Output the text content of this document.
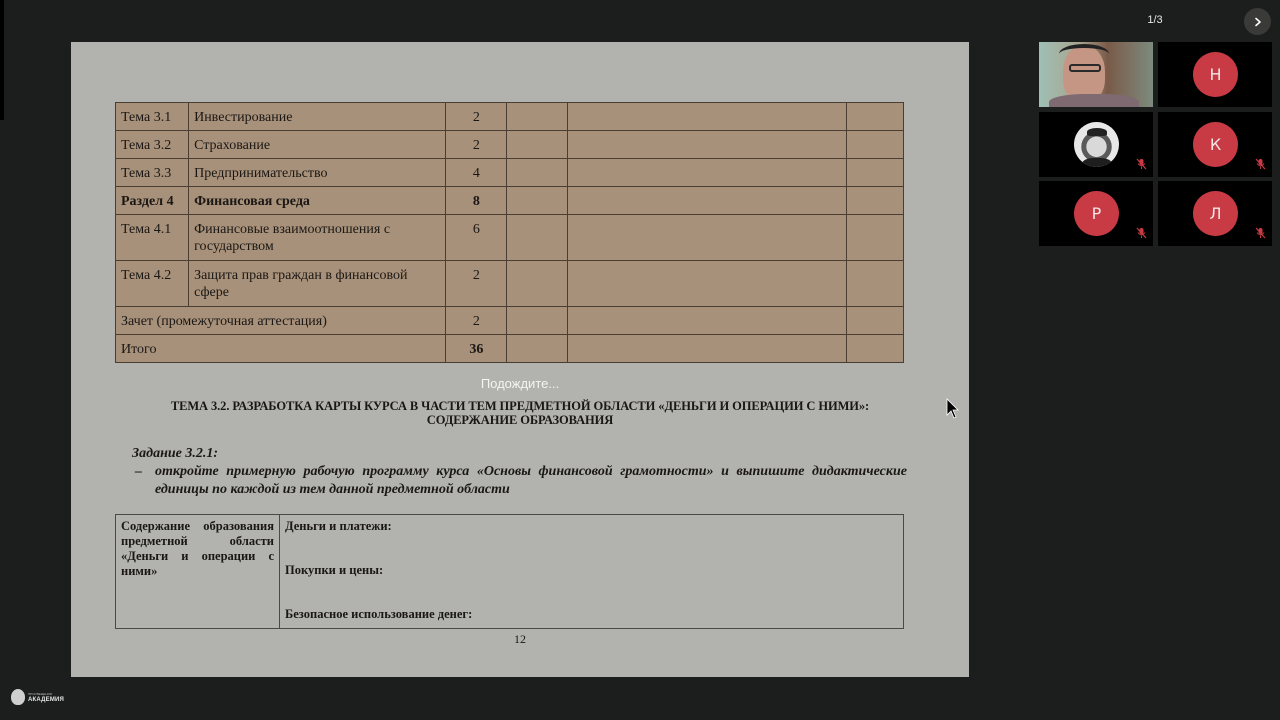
Тема 3.1	Инвестирование	2			
Тема 3.2	Страхование	2			
Тема 3.3	Предпринимательство	4			
Раздел 4	Финансовая среда	8			
Тема 4.1	Финансовые взаимоотношения с государством	6			
Тема 4.2	Защита прав граждан в финансовой сфере	2			
Зачет (промежуточная аттестация)		2			
Итого		36			
Подождите...
ТЕМА 3.2. РАЗРАБОТКА КАРТЫ КУРСА В ЧАСТИ ТЕМ ПРЕДМЕТНОЙ ОБЛАСТИ «ДЕНЬГИ И ОПЕРАЦИИ С НИМИ»:
СОДЕРЖАНИЕ ОБРАЗОВАНИЯ
Задание 3.2.1:
– откройте примерную рабочую программу курса «Основы финансовой грамотности» и выпишите дидактические единицы по каждой из тем данной предметной области
Содержание образования предметной области «Деньги и операции с ними»	
Деньги и платежи:
Покупки и цены:
Безопасное использование денег:
12
1/3
Н
К
Р	Л
ПРОСВЕЩЕНИЯ
АКАДЕМИЯ
